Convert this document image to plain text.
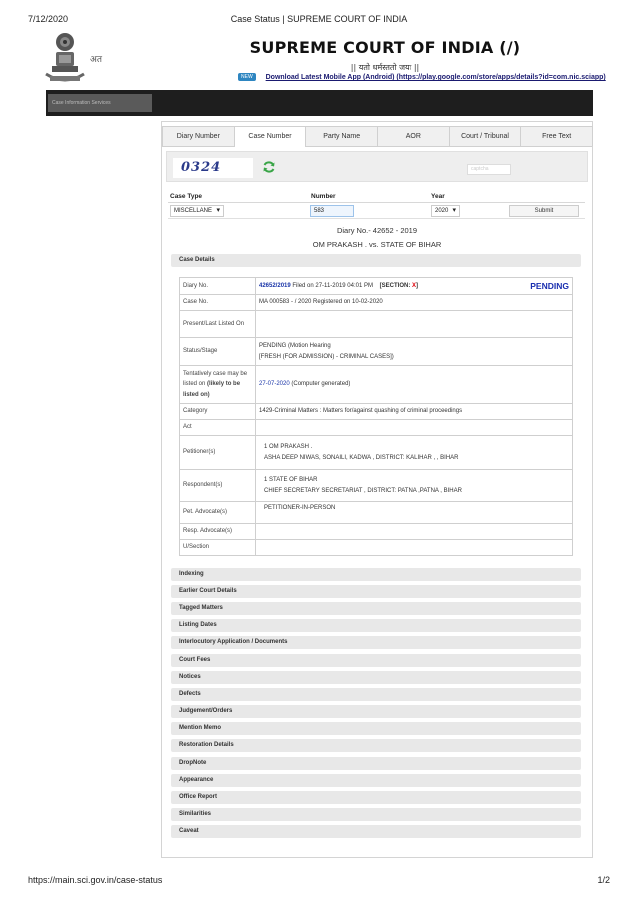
7/12/2020	Case Status | SUPREME COURT OF INDIA
अत
SUPREME COURT OF INDIA (/)
|| यतो धर्मस्ततो जयः ||
NEW Download Latest Mobile App (Android) (https://play.google.com/store/apps/details?id=com.nic.sciapp)
Case Information Services
Diary Number	Case Number	Party Name	AOR	Court / Tribunal	Free Text
0324	captcha
Case Type	Number	Year
MISCELLANE ▾	583	2020 ▾	Submit
Diary No.- 42652 - 2019
OM PRAKASH . vs. STATE OF BIHAR
Case Details
Diary No.	42652/2019 Filed on 27-11-2019 04:01 PM [SECTION: X] PENDING

Case No.	MA 000583 - / 2020 Registered on 10-02-2020
Present/Last Listed On	
Status/Stage	PENDING (Motion Hearing
[FRESH (FOR ADMISSION) - CRIMINAL CASES])

Tentatively case may be listed on (likely to be listed on)	27-07-2020 (Computer generated)
Category	1429-Criminal Matters : Matters for/against quashing of criminal proceedings
Act	
Petitioner(s)	1 OM PRAKASH .
ASHA DEEP NIWAS, SONAILI, KADWA , DISTRICT: KALIHAR , , BIHAR

Respondent(s)	1 STATE OF BIHAR
CHIEF SECRETARY SECRETARIAT , DISTRICT: PATNA ,PATNA , BIHAR

Pet. Advocate(s)	PETITIONER-IN-PERSON

Resp. Advocate(s)	
U/Section	
Indexing
Earlier Court Details
Tagged Matters
Listing Dates
Interlocutory Application / Documents
Court Fees
Notices
Defects
Judgement/Orders
Mention Memo
Restoration Details
DropNote
Appearance
Office Report
Similarities
Caveat
https://main.sci.gov.in/case-status	1/2
